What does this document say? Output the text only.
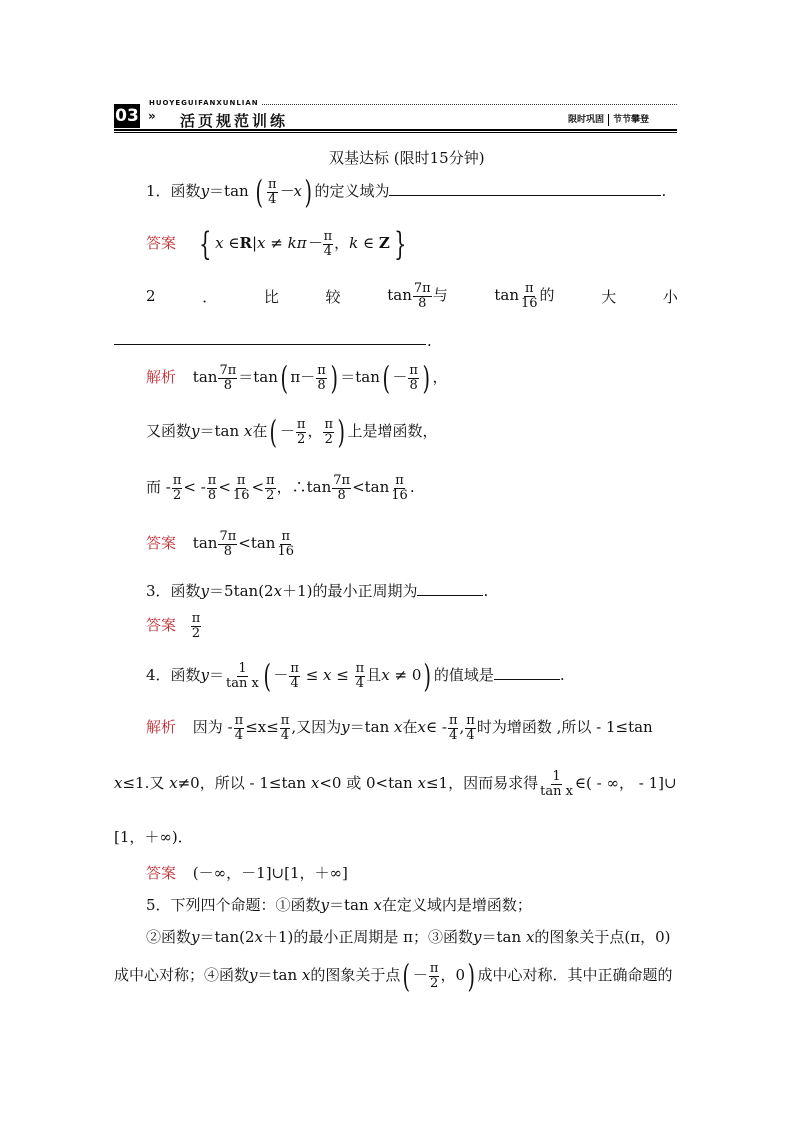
HUOYEGUIFANXUNLIAN
03 » 活页规范训练	限时巩固 节节攀登
双基达标 (限时15分钟)
1．函数y＝tan ( $\frac{\pi}{4} -x$) 的定义域为	.
答案 { x ∈R|x ≠ $k\pi- \frac{\pi}{4}$ ，k ∈ Z }
2	．	比	较	$\tan \frac{7\pi}{8}$ 与	$\tan \frac{\pi}{16}$ 的	大	小
.
解析 $\tan \frac{7\pi}{8} =\tan$( $\pi- \frac{\pi}{8}$ ) $=\tan( - \frac{\pi}{8}$ ) ，
又函数y＝tan x在( － $\frac{\pi}{2}$ ， $\frac{\pi}{2}$ ) 上是增函数，
而 - $\frac{\pi}{2}$ < - $\frac{\pi}{8} < \frac{\pi}{16} < \frac{\pi}{2}$ ，∴tan $\frac{7\pi}{8} <\tan \frac{\pi}{16}$ .
答案 $\tan \frac{7\pi}{8} <\tan \frac{\pi}{16}$
3．函数y＝5tan(2x＋1)的最小正周期为	.
答案 $\frac{\pi}{2}$
4．函数$y= \frac{1}{\text{tan x}}$ ( － $\frac{\pi}{4} \le x \le \frac{\pi}{4}$ 且x ≠ 0) 的值域是	.
解析 因为 - $\frac{\pi}{4} \le x\le \frac{\pi}{4}$ ,又因为y＝tan x在x∈ - $\frac{\pi}{4}$ , $\frac{\pi}{4}$ 时为增函数 ,所以 - 1≤tan
x≤1.又 x≠0，所以 - 1≤tan x<0 或 0<tan x≤1，因而易求得 $\frac{1}{\text{tan x}}$ ∈( - ∞， - 1]∪
[1，＋∞)．
答案 (－∞，－1]∪[1，＋∞]
5．下列四个命题：①函数y＝tan x在定义域内是增函数；
②函数y＝tan(2x＋1)的最小正周期是 π；③函数y＝tan x的图象关于点(π，0)
成中心对称；④函数y＝tan x的图象关于点( － $\frac{\pi}{2}$ ，0) 成中心对称．其中正确命题的
